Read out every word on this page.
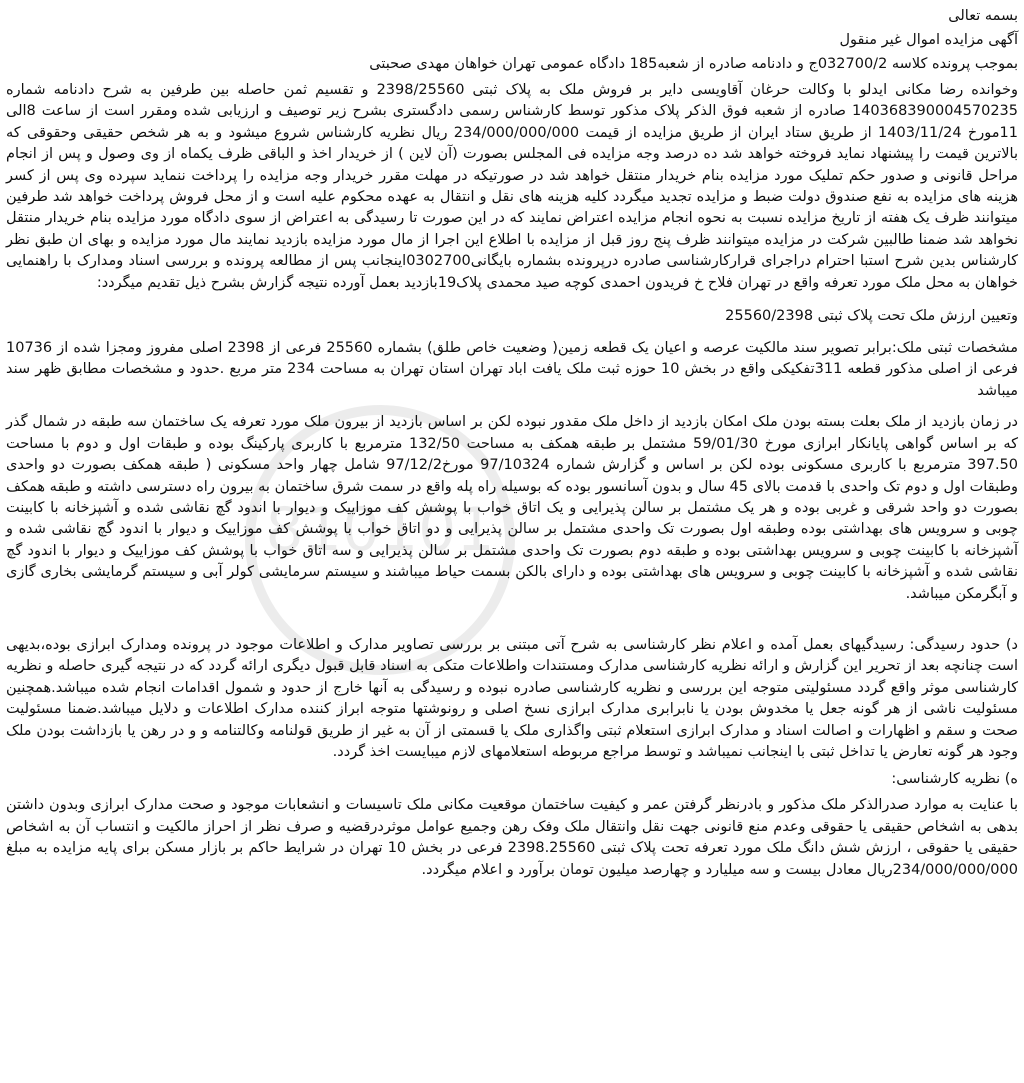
810101

بسمه تعالی

آگهی مزایده اموال غیر منقول

بموجب پرونده کلاسه 032700/2ج و دادنامه صادره از شعبه185 دادگاه عمومی تهران خواهان مهدی صحبتی

وخوانده رضا مکانی ایدلو با وکالت حرغان آقاویسی دایر بر فروش ملک به پلاک ثبتی 2398/25560 و تقسیم ثمن حاصله بین طرفین به شرح دادنامه شماره 140368390004570235 صادره از شعبه فوق الذکر پلاک مذکور توسط کارشناس رسمی دادگستری بشرح زیر توصیف و ارزیابی شده ومقرر است از ساعت 8الی 11مورخ 1403/11/24 از طریق ستاد ایران از طریق مزایده از قیمت 234/000/000/000 ریال نظریه کارشناس شروع میشود و به هر شخص حقیقی وحقوقی که بالاترین قیمت را پیشنهاد نماید فروخته خواهد شد ده درصد وجه مزایده فی المجلس بصورت (آن لاین ) از خریدار اخذ و الباقی ظرف یکماه از وی وصول و پس از انجام مراحل قانونی و صدور حکم تملیک مورد مزایده بنام خریدار منتقل خواهد شد در صورتیکه در مهلت مقرر خریدار وجه مزایده را پرداخت ننماید سپرده وی پس از کسر هزینه های مزایده به نفع صندوق دولت ضبط و مزایده تجدید میگردد کلیه هزینه های نقل و انتقال به عهده محکوم علیه است و از محل فروش پرداخت خواهد شد طرفین میتوانند ظرف یک هفته از تاریخ مزایده نسبت به نحوه انجام مزایده اعتراض نمایند که در این صورت تا رسیدگی به اعتراض از سوی دادگاه مورد مزایده بنام خریدار منتقل نخواهد شد ضمنا طالبین شرکت در مزایده میتوانند ظرف پنج روز قبل از مزایده با اطلاع این اجرا از مال مورد مزایده بازدید نمایند مال مورد مزایده و بهای ان طبق نظر کارشناس بدین شرح استبا احترام دراجرای قرارکارشناسی صادره درپرونده بشماره بایگانی0302700اینجانب پس از مطالعه پرونده و بررسی اسناد ومدارک با راهنمایی خواهان به محل ملک مورد تعرفه واقع در تهران فلاح خ فریدون احمدی کوچه صید محمدی پلاک19بازدید بعمل آورده نتیجه گزارش بشرح ذیل تقدیم میگردد:

وتعیین ارزش ملک تحت پلاک ثبتی 25560/2398

مشخصات ثبتی ملک:برابر تصویر سند مالکیت عرصه و اعیان یک قطعه زمین( وضعیت خاص طلق) بشماره 25560 فرعی از 2398 اصلی مفروز ومجزا شده از 10736 فرعی از اصلی مذکور قطعه 311تفکیکی واقع در بخش 10 حوزه ثبت ملک یافت اباد تهران استان تهران به مساحت 234 متر مربع .حدود و مشخصات مطابق ظهر سند میباشد

در زمان بازدید از ملک بعلت بسته بودن ملک امکان بازدید از داخل ملک مقدور نبوده لکن بر اساس بازدید از بیرون ملک مورد تعرفه یک ساختمان سه طبقه در شمال گذر که بر اساس گواهی پایانکار ابرازی مورخ 59/01/30 مشتمل بر طبقه همکف به مساحت 132/50 مترمربع با کاربری پارکینگ بوده و طبقات اول و دوم با مساحت 397.50 مترمربع با کاربری مسکونی بوده لکن بر اساس و گزارش شماره 97/10324 مورخ97/12/2 شامل چهار واحد مسکونی ( طبقه همکف بصورت دو واحدی وطبقات اول و دوم تک واحدی با قدمت بالای 45 سال و بدون آسانسور بوده که بوسیله راه پله واقع در سمت شرق ساختمان به بیرون راه دسترسی داشته و طبقه همکف بصورت دو واحد شرقی و غربی بوده و هر یک مشتمل بر سالن پذیرایی و یک اتاق خواب با پوشش کف موزاییک و دیوار با اندود گچ نقاشی شده و آشپزخانه با کابینت چوبی و سرویس های بهداشتی بوده وطبقه اول بصورت تک واحدی مشتمل بر سالن پذیرایی و دو اتاق خواب با پوشش کف موزاییک و دیوار با اندود گچ نقاشی شده و آشپزخانه با کابینت چوبی و سرویس بهداشتی بوده و طبقه دوم بصورت تک واحدی مشتمل بر سالن پذیرایی و سه اتاق خواب با پوشش کف موزاییک و دیوار با اندود گچ نقاشی شده و آشپزخانه با کابینت چوبی و سرویس های بهداشتی بوده و دارای بالکن بسمت حیاط میباشند و سیستم سرمایشی کولر آبی و سیستم گرمایشی بخاری گازی و آبگرمکن میباشد.

د) حدود رسیدگی: رسیدگیهای بعمل آمده و اعلام نظر کارشناسی به شرح آتی مبتنی بر بررسی تصاویر مدارک و اطلاعات موجود در پرونده ومدارک ابرازی بوده،بدیهی است چنانچه بعد از تحریر این گزارش و ارائه نظریه کارشناسی مدارک ومستندات واطلاعات متکی به اسناد قابل قبول دیگری ارائه گردد که در نتیجه گیری حاصله و نظریه کارشناسی موثر واقع گردد مسئولیتی متوجه این بررسی و نظریه کارشناسی صادره نبوده و رسیدگی به آنها خارج از حدود و شمول اقدامات انجام شده میباشد.همچنین مسئولیت ناشی از هر گونه جعل یا مخدوش بودن یا نابرابری مدارک ابرازی نسخ اصلی و رونوشتها متوجه ابراز کننده مدارک اطلاعات و دلایل میباشد.ضمنا مسئولیت صحت و سقم و اظهارات و اصالت اسناد و مدارک ابرازی استعلام ثبتی واگذاری ملک یا قسمتی از آن به غیر از طریق قولنامه وکالتنامه و و در رهن یا بازداشت بودن ملک وجود هر گونه تعارض یا تداخل ثبتی با اینجانب نمیباشد و توسط مراجع مربوطه استعلامهای لازم میبایست اخذ گردد.

ه) نظریه کارشناسی:

با عنایت به موارد صدرالذکر ملک مذکور و بادرنظر گرفتن عمر و کیفیت ساختمان موقعیت مکانی ملک تاسیسات و انشعابات موجود و صحت مدارک ابرازی وبدون داشتن بدهی به اشخاص حقیقی یا حقوقی وعدم منع قانونی جهت نقل وانتقال ملک وفک رهن وجمیع عوامل موثردرقضیه و صرف نظر از احراز مالکیت و انتساب آن به اشخاص حقیقی یا حقوقی ، ارزش شش دانگ ملک مورد تعرفه تحت پلاک ثبتی 2398.25560 فرعی در بخش 10 تهران در شرایط حاکم بر بازار مسکن برای پایه مزایده به مبلغ 234/000/000/000ریال معادل بیست و سه میلیارد و چهارصد میلیون تومان برآورد و اعلام میگردد.
